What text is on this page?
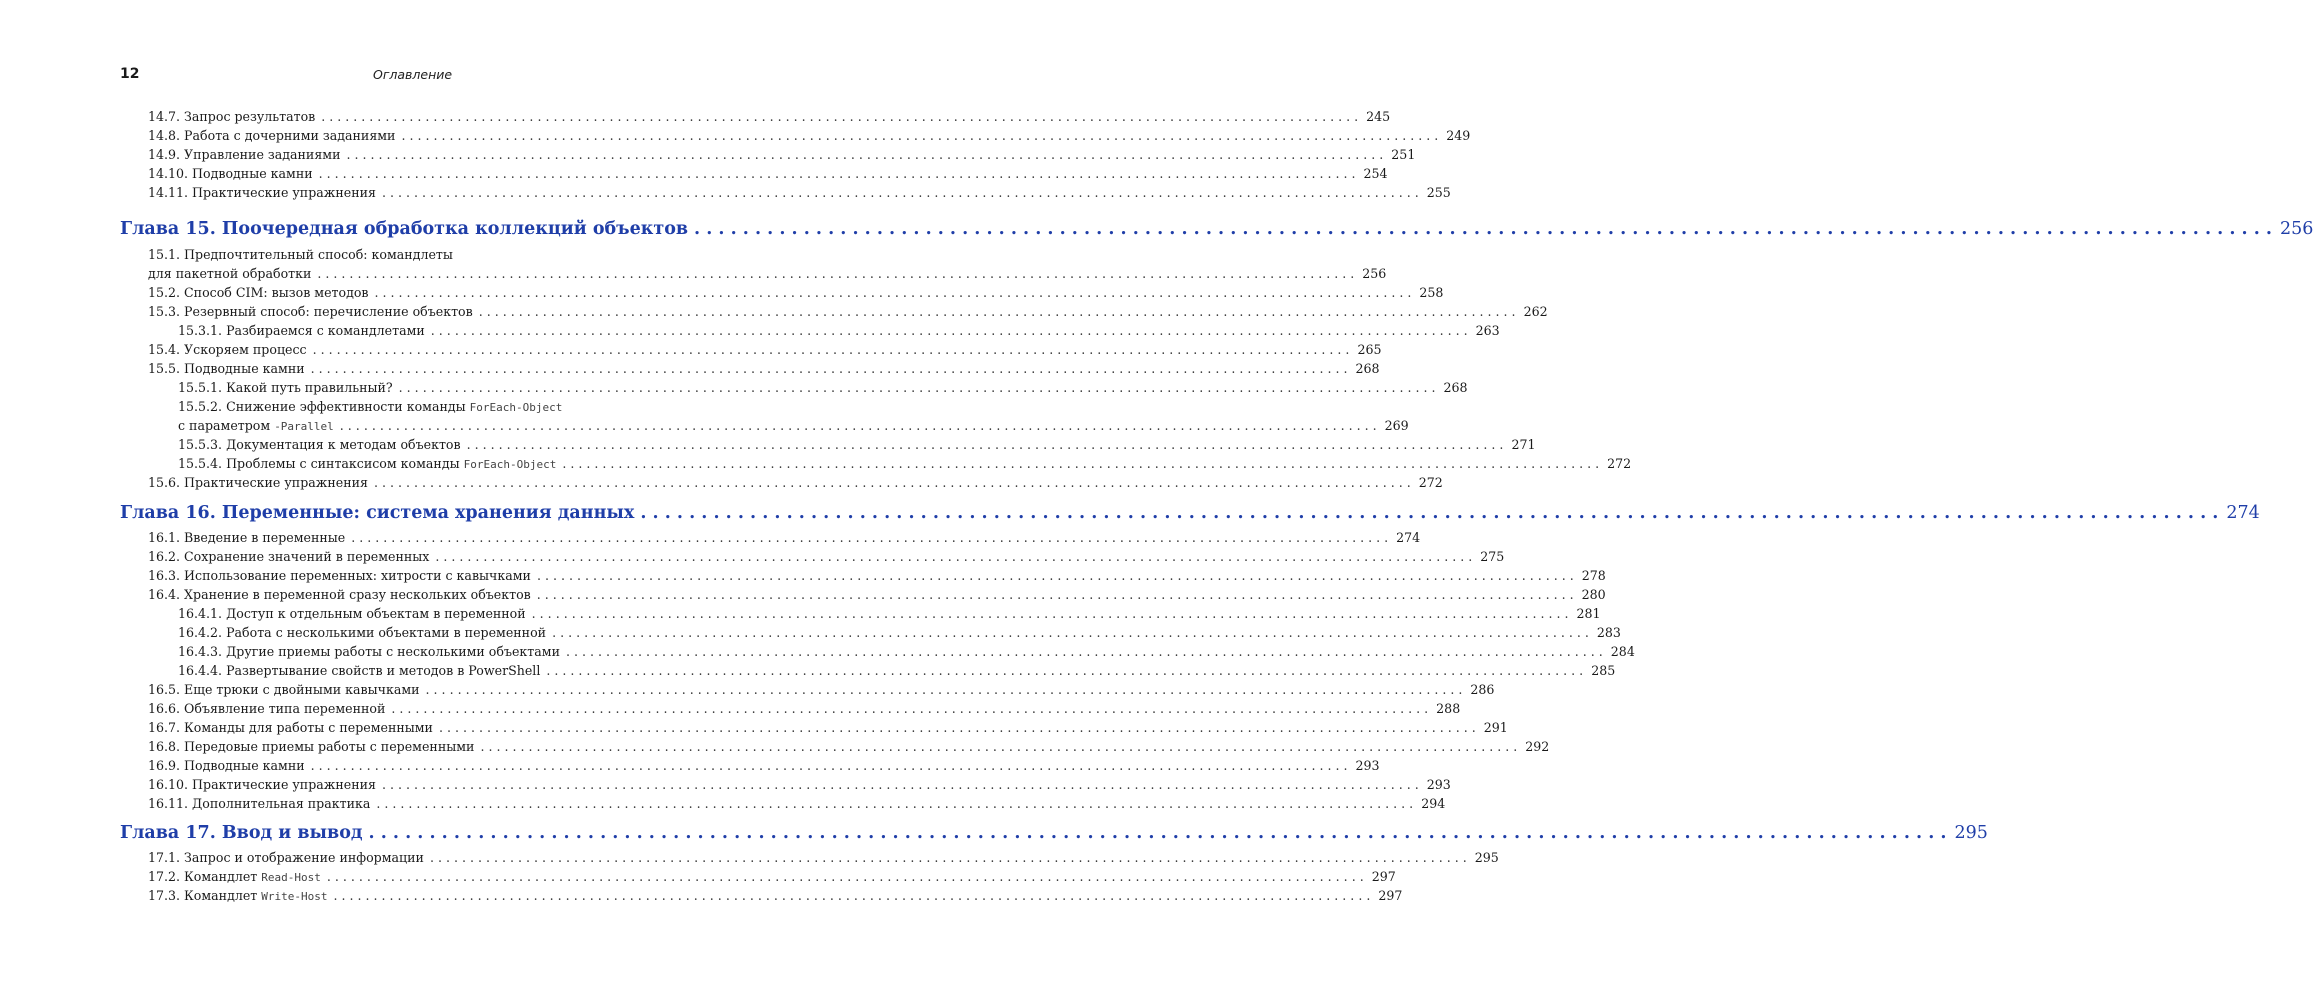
12	Оглавление
14.7. Запрос результатов . . .	245
14.8. Работа с дочерними заданиями . . .	249
14.9. Управление заданиями . . .	251
14.10. Подводные камни . . .	254
14.11. Практические упражнения . . .	255
Глава 15. Поочередная обработка коллекций объектов . . .	256
15.1. Предпочтительный способ: командлеты
для пакетной обработки . . .	256
15.2. Способ CIM: вызов методов . . .	258
15.3. Резервный способ: перечисление объектов . . .	262
15.3.1. Разбираемся с командлетами . . .	263
15.4. Ускоряем процесс . . .	265
15.5. Подводные камни . . .	268
15.5.1. Какой путь правильный? . . .	268
15.5.2. Снижение эффективности команды ForEach-Object
с параметром -Parallel . . .	269
15.5.3. Документация к методам объектов . . .	271
15.5.4. Проблемы с синтаксисом команды ForEach-Object . . .	272
15.6. Практические упражнения . . .	272
Глава 16. Переменные: система хранения данных . . .	274
16.1. Введение в переменные . . .	274
16.2. Сохранение значений в переменных . . .	275
16.3. Использование переменных: хитрости с кавычками . . .	278
16.4. Хранение в переменной сразу нескольких объектов . . .	280
16.4.1. Доступ к отдельным объектам в переменной . . .	281
16.4.2. Работа с несколькими объектами в переменной . . .	283
16.4.3. Другие приемы работы с несколькими объектами . . .	284
16.4.4. Развертывание свойств и методов в PowerShell . . .	285
16.5. Еще трюки с двойными кавычками . . .	286
16.6. Объявление типа переменной . . .	288
16.7. Команды для работы с переменными . . .	291
16.8. Передовые приемы работы с переменными . . .	292
16.9. Подводные камни . . .	293
16.10. Практические упражнения . . .	293
16.11. Дополнительная практика . . .	294
Глава 17. Ввод и вывод . . .	295
17.1. Запрос и отображение информации . . .	295
17.2. Командлет Read-Host . . .	297
17.3. Командлет Write-Host . . .	297
